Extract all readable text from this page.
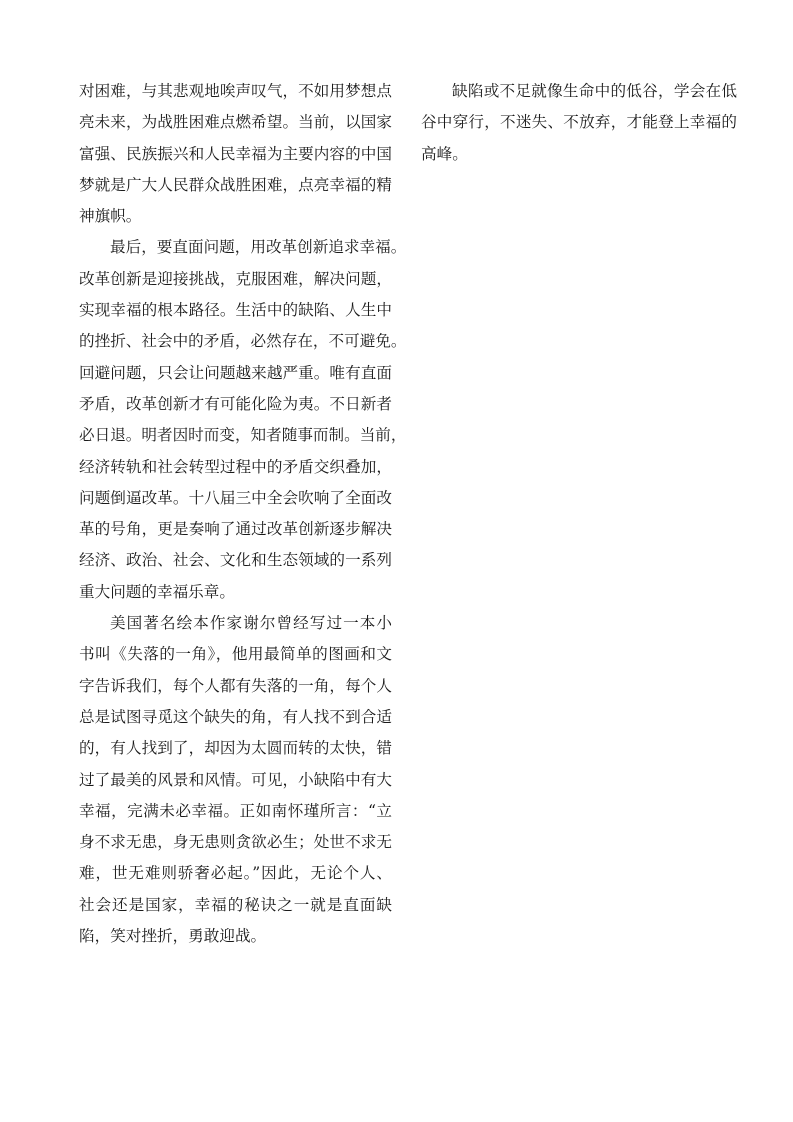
对困难，与其悲观地唉声叹气，不如用梦想点
亮未来，为战胜困难点燃希望。当前，以国家
富强、民族振兴和人民幸福为主要内容的中国
梦就是广大人民群众战胜困难，点亮幸福的精
神旗帜。
最后，要直面问题，用改革创新追求幸福。
改革创新是迎接挑战，克服困难，解决问题，
实现幸福的根本路径。生活中的缺陷、人生中
的挫折、社会中的矛盾，必然存在，不可避免。
回避问题，只会让问题越来越严重。唯有直面
矛盾，改革创新才有可能化险为夷。不日新者
必日退。明者因时而变，知者随事而制。当前，
经济转轨和社会转型过程中的矛盾交织叠加，
问题倒逼改革。十八届三中全会吹响了全面改
革的号角，更是奏响了通过改革创新逐步解决
经济、政治、社会、文化和生态领域的一系列
重大问题的幸福乐章。
美国著名绘本作家谢尔曾经写过一本小
书叫《失落的一角》，他用最简单的图画和文
字告诉我们，每个人都有失落的一角，每个人
总是试图寻觅这个缺失的角，有人找不到合适
的，有人找到了，却因为太圆而转的太快，错
过了最美的风景和风情。可见，小缺陷中有大
幸福，完满未必幸福。正如南怀瑾所言：“立
身不求无患，身无患则贪欲必生；处世不求无
难，世无难则骄奢必起。”因此，无论个人、
社会还是国家，幸福的秘诀之一就是直面缺
陷，笑对挫折，勇敢迎战。
缺陷或不足就像生命中的低谷，学会在低
谷中穿行，不迷失、不放弃，才能登上幸福的
高峰。
